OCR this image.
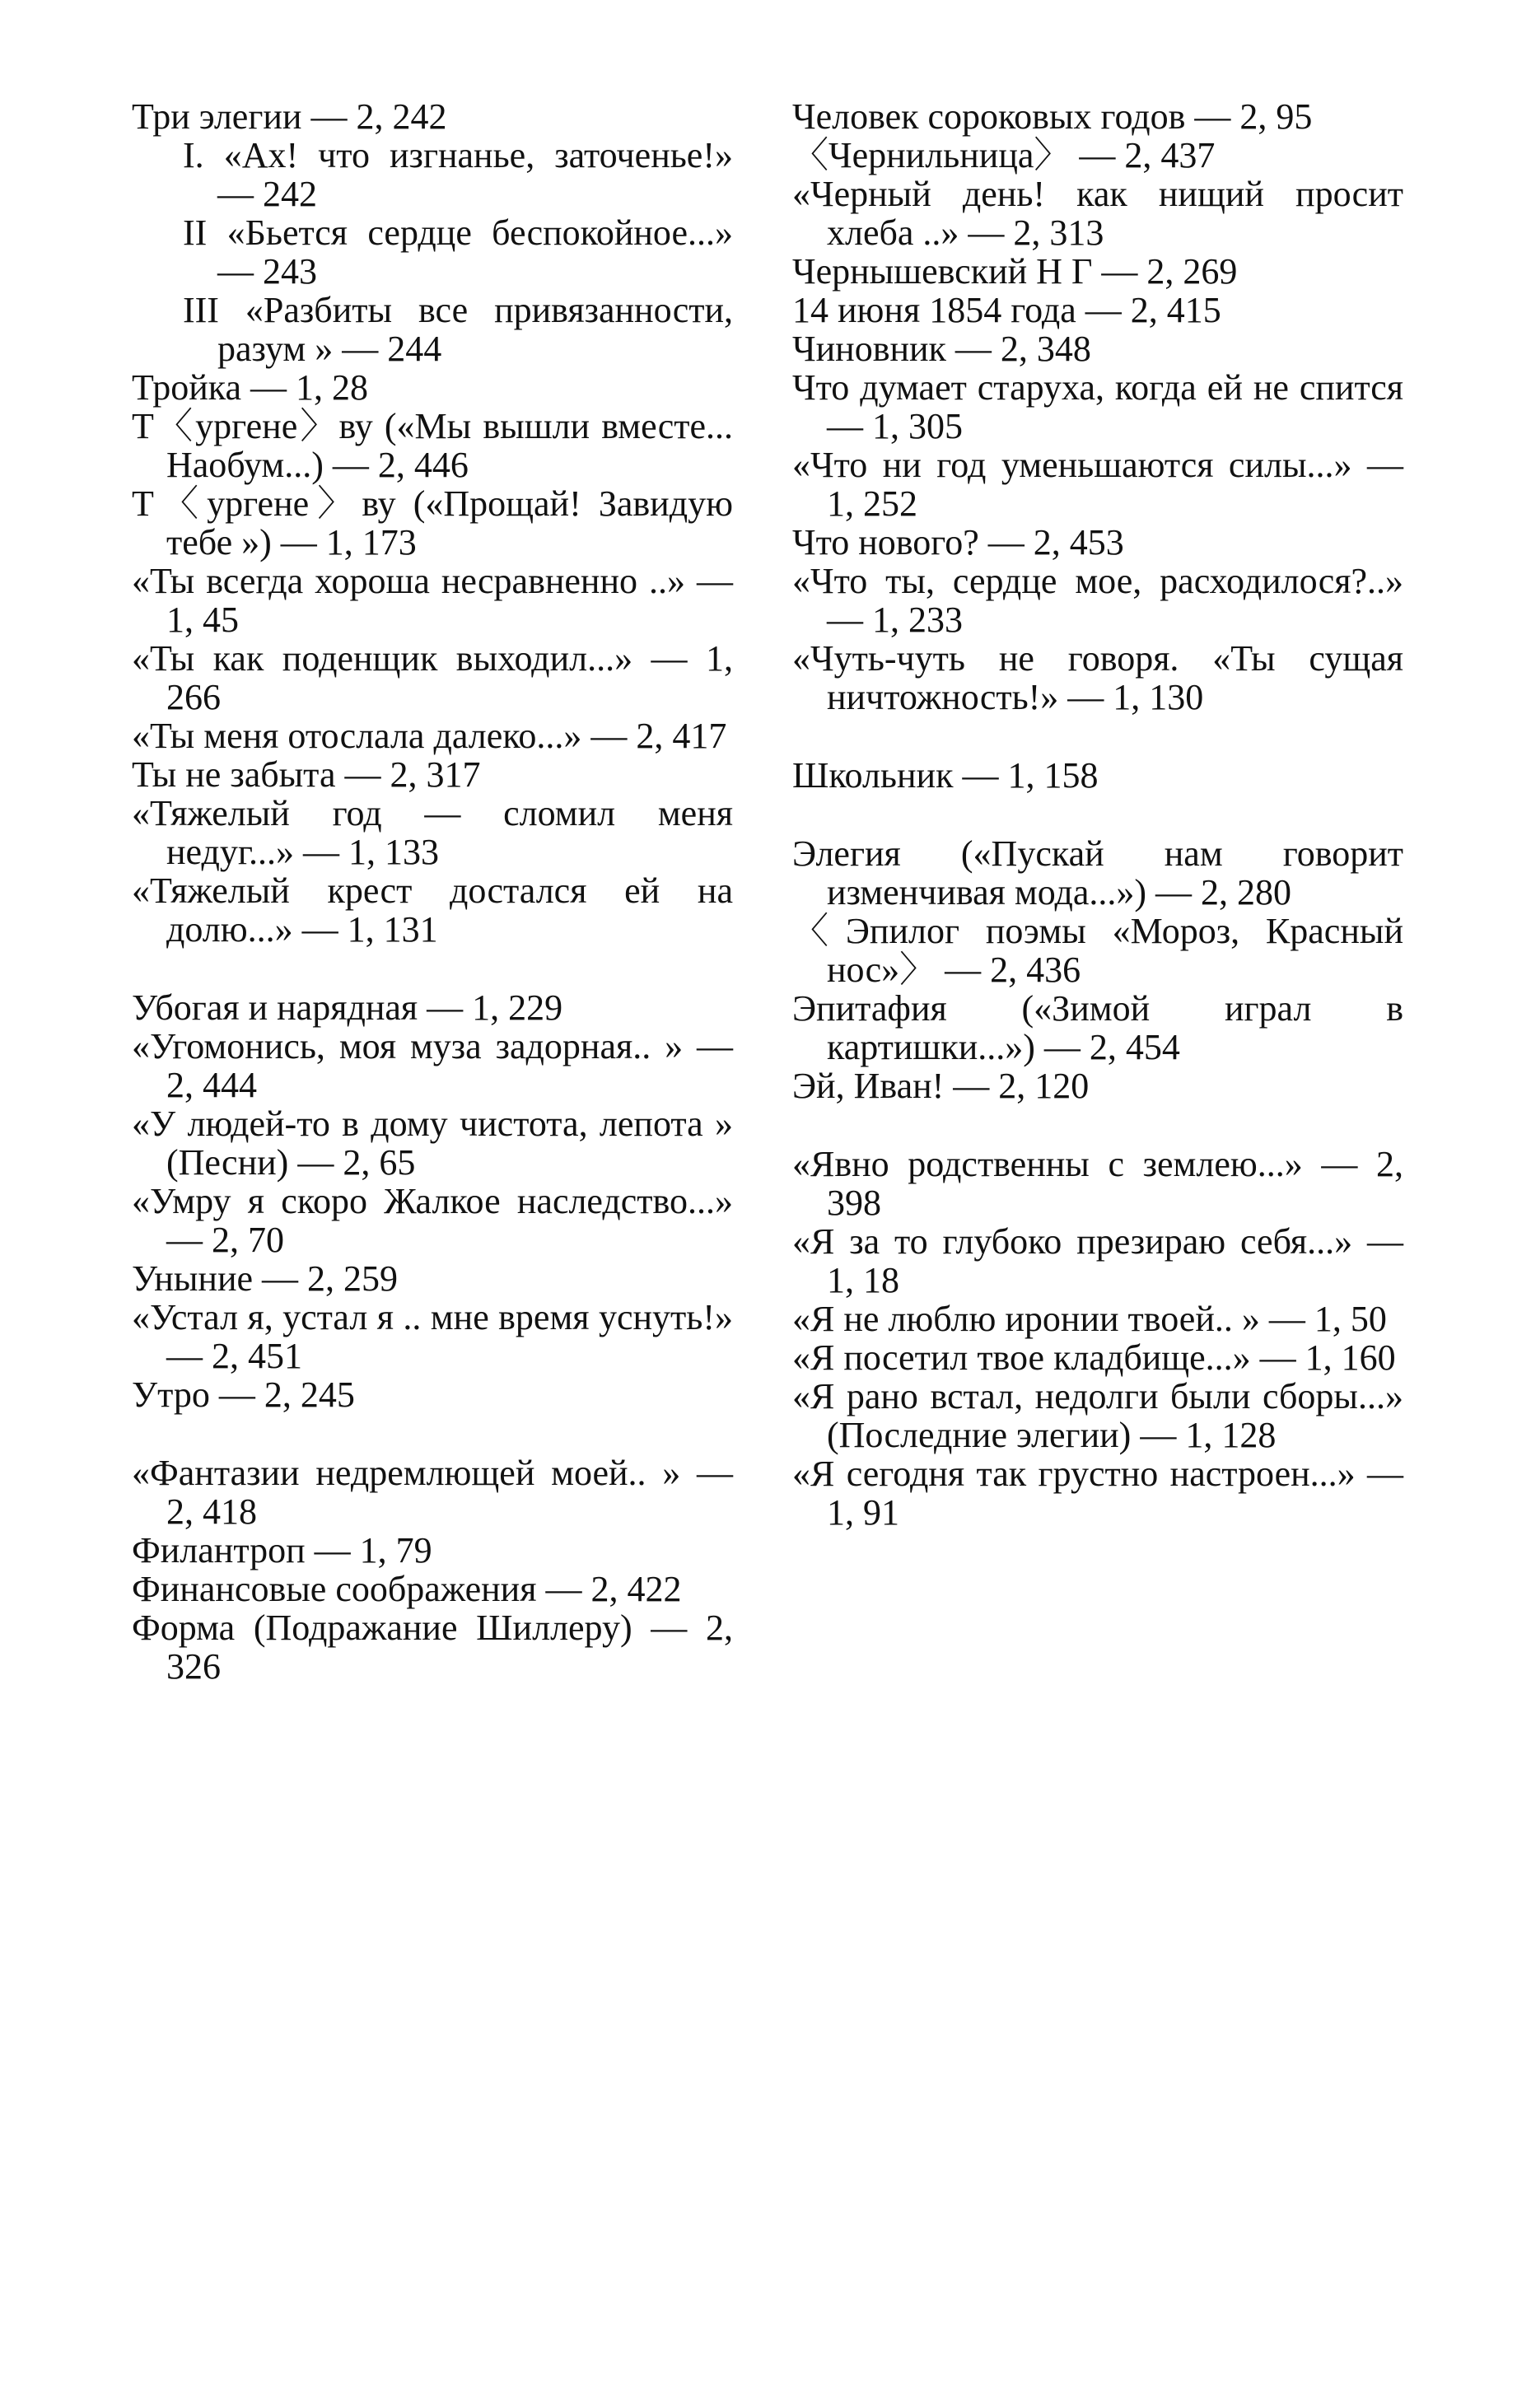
Три элегии — 2, 242

I. «Ах! что изгнанье, заточенье!» — 242

II «Бьется сердце беспокойное...» — 243

III «Разбиты все привязанности, разум » — 244

Тройка — 1, 28

Т〈ургене〉ву («Мы вышли вместе... Наобум...) — 2, 446

Т〈ургене〉ву («Прощай! Завидую тебе ») — 1, 173

«Ты всегда хороша несравненно ..» — 1, 45

«Ты как поденщик выходил...» — 1, 266

«Ты меня отослала далеко...» — 2, 417

Ты не забыта — 2, 317

«Тяжелый год — сломил меня недуг...» — 1, 133

«Тяжелый крест достался ей на долю...» — 1, 131

Убогая и нарядная — 1, 229

«Угомонись, моя муза задорная.. » — 2, 444

«У людей-то в дому чистота, лепота » (Песни) — 2, 65

«Умру я скоро Жалкое наследство...» — 2, 70

Уныние — 2, 259

«Устал я, устал я .. мне время уснуть!» — 2, 451

Утро — 2, 245

«Фантазии недремлющей моей.. » — 2, 418

Филантроп — 1, 79

Финансовые соображения — 2, 422

Форма (Подражание Шиллеру) — 2, 326

Человек сороковых годов — 2, 95

〈Чернильница〉 — 2, 437

«Черный день! как нищий просит хлеба ..» — 2, 313

Чернышевский Н Г — 2, 269

14 июня 1854 года — 2, 415

Чиновник — 2, 348

Что думает старуха, когда ей не спится — 1, 305

«Что ни год уменьшаются силы...» — 1, 252

Что нового? — 2, 453

«Что ты, сердце мое, расходилося?..» — 1, 233

«Чуть-чуть не говоря. «Ты сущая ничтожность!» — 1, 130

Школьник — 1, 158

Элегия («Пускай нам говорит изменчивая мода...») — 2, 280

〈Эпилог поэмы «Мороз, Красный нос»〉 — 2, 436

Эпитафия («Зимой играл в картишки...») — 2, 454

Эй, Иван! — 2, 120

«Явно родственны с землею...» — 2, 398

«Я за то глубоко презираю себя...» — 1, 18

«Я не люблю иронии твоей.. » — 1, 50

«Я посетил твое кладбище...» — 1, 160

«Я рано встал, недолги были сборы...» (Последние элегии) — 1, 128

«Я сегодня так грустно настроен...» — 1, 91
